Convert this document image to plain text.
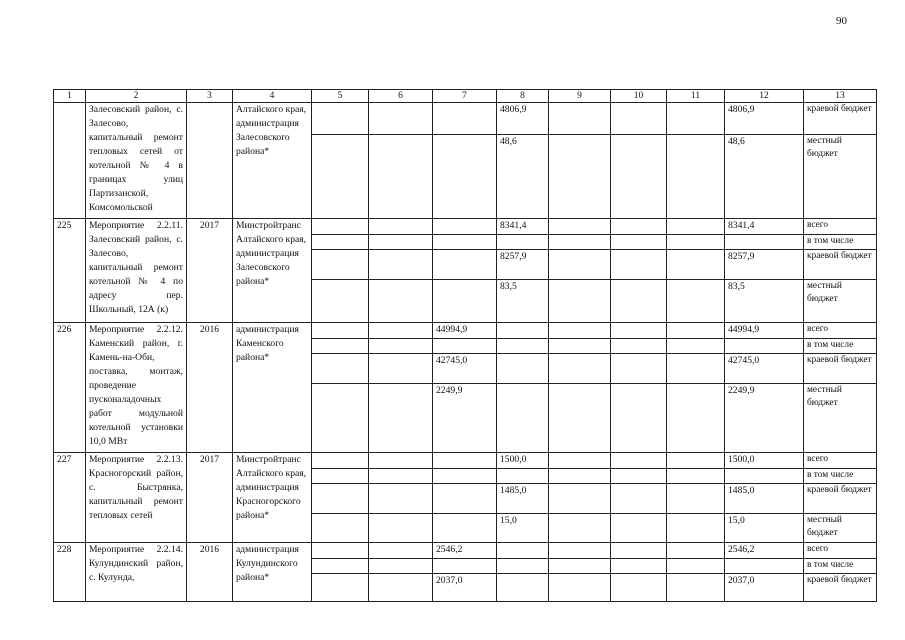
90
1	2	3	4	5	6	7	8	9	10	11	12	13
	Залесовский район, с. Залесово, капитальный ремонт тепловых сетей от котельной № 4 в границах улиц Партизанской, Комсомольской		Алтайского края, администрация Залесовского района*				4806,9				4806,9	краевой бюджет
							48,6				48,6	местный бюджет
225	Мероприятие 2.2.11. Залесовский район, с. Залесово, капитальный ремонт котельной № 4 по адресу пер. Школьный, 12А (к)	2017	Минстройтранс Алтайского края, администрация Залесовского района*				8341,4				8341,4	всего
												в том числе
							8257,9				8257,9	краевой бюджет
							83,5				83,5	местный бюджет
226	Мероприятие 2.2.12. Каменский район, г. Камень-на-Оби, поставка, монтаж, проведение пусконаладочных работ модульной котельной установки 10,0 МВт	2016	администрация Каменского района*			44994,9					44994,9	всего
												в том числе
						42745,0					42745,0	краевой бюджет
						2249,9					2249,9	местный бюджет
227	Мероприятие 2.2.13. Красногорский район, с. Быстрянка, капитальный ремонт тепловых сетей	2017	Минстройтранс Алтайского края, администрация Красногорского района*				1500,0				1500,0	всего
												в том числе
							1485,0				1485,0	краевой бюджет
							15,0				15,0	местный бюджет
228	Мероприятие 2.2.14. Кулундинский район, с. Кулунда,	2016	администрация Кулундинского района*			2546,2					2546,2	всего
												в том числе
						2037,0					2037,0	краевой бюджет
